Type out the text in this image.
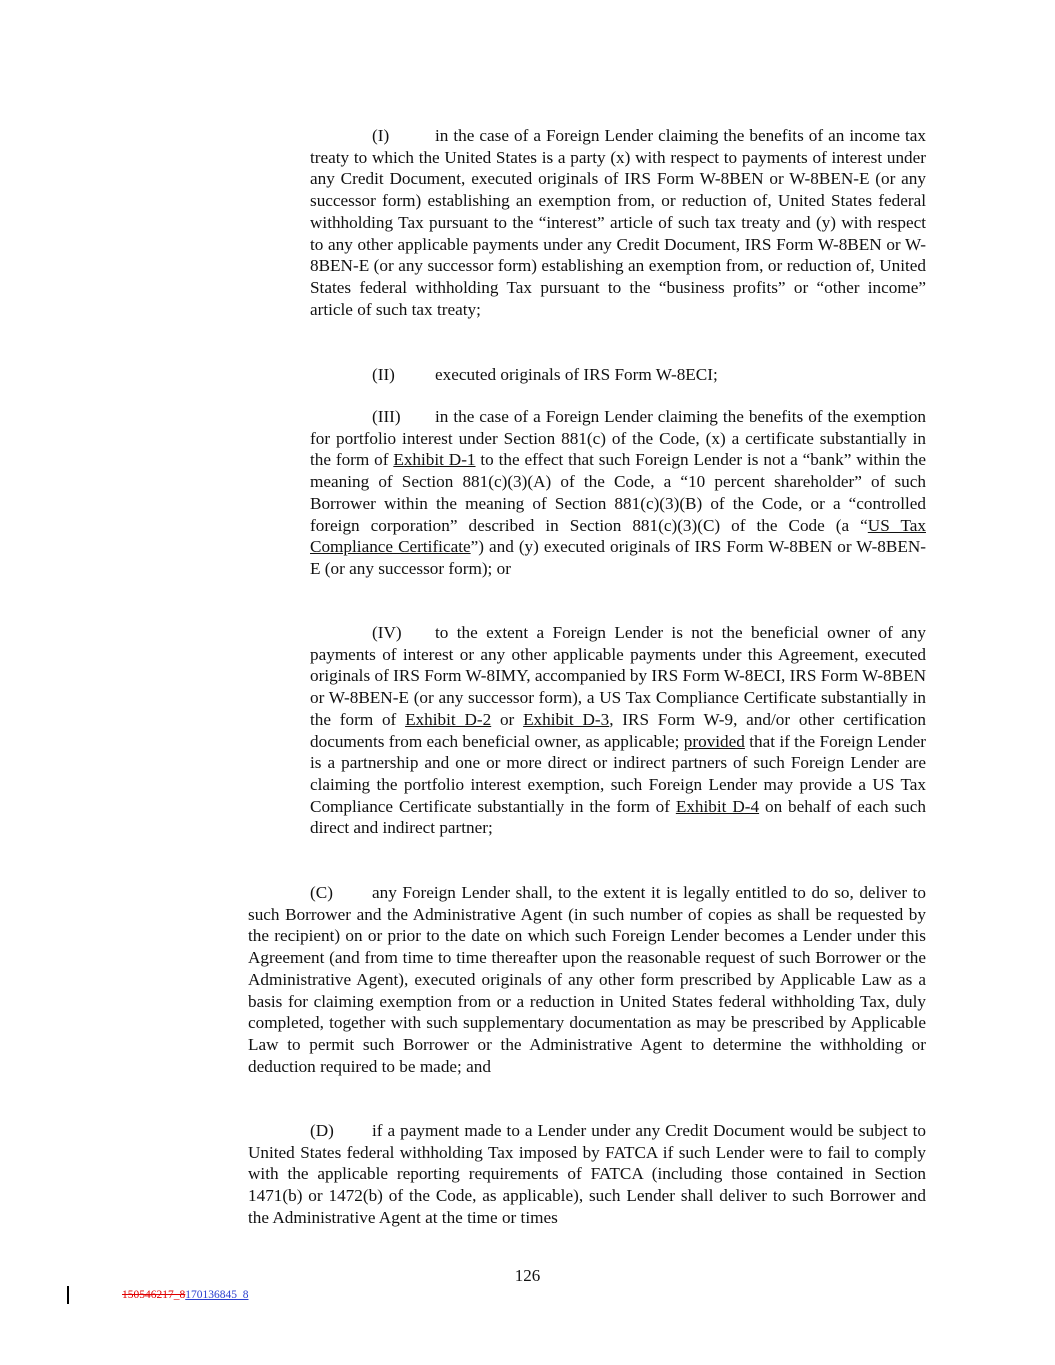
(I)	in the case of a Foreign Lender claiming the benefits of an income tax treaty to which the United States is a party (x) with respect to payments of interest under any Credit Document, executed originals of IRS Form W-8BEN or W-8BEN-E (or any successor form) establishing an exemption from, or reduction of, United States federal withholding Tax pursuant to the “interest” article of such tax treaty and (y) with respect to any other applicable payments under any Credit Document, IRS Form W-8BEN or W-8BEN-E (or any successor form) establishing an exemption from, or reduction of, United States federal withholding Tax pursuant to the “business profits” or “other income” article of such tax treaty;

(II) executed originals of IRS Form W-8ECI;

(III) in the case of a Foreign Lender claiming the benefits of the exemption for portfolio interest under Section 881(c) of the Code, (x) a certificate substantially in the form of Exhibit D-1 to the effect that such Foreign Lender is not a “bank” within the meaning of Section 881(c)(3)(A) of the Code, a “10 percent shareholder” of such Borrower within the meaning of Section 881(c)(3)(B) of the Code, or a “controlled foreign corporation” described in Section 881(c)(3)(C) of the Code (a “US Tax Compliance Certificate”) and (y) executed originals of IRS Form W-8BEN or W-8BEN-E (or any successor form); or

(IV) to the extent a Foreign Lender is not the beneficial owner of any payments of interest or any other applicable payments under this Agreement, executed originals of IRS Form W-8IMY, accompanied by IRS Form W-8ECI, IRS Form W-8BEN or W-8BEN-E (or any successor form), a US Tax Compliance Certificate substantially in the form of Exhibit D-2 or Exhibit D-3, IRS Form W-9, and/or other certification documents from each beneficial owner, as applicable; provided that if the Foreign Lender is a partnership and one or more direct or indirect partners of such Foreign Lender are claiming the portfolio interest exemption, such Foreign Lender may provide a US Tax Compliance Certificate substantially in the form of Exhibit D-4 on behalf of each such direct and indirect partner;

(C) any Foreign Lender shall, to the extent it is legally entitled to do so, deliver to such Borrower and the Administrative Agent (in such number of copies as shall be requested by the recipient) on or prior to the date on which such Foreign Lender becomes a Lender under this Agreement (and from time to time thereafter upon the reasonable request of such Borrower or the Administrative Agent), executed originals of any other form prescribed by Applicable Law as a basis for claiming exemption from or a reduction in United States federal withholding Tax, duly completed, together with such supplementary documentation as may be prescribed by Applicable Law to permit such Borrower or the Administrative Agent to determine the withholding or deduction required to be made; and

(D) if a payment made to a Lender under any Credit Document would be subject to United States federal withholding Tax imposed by FATCA if such Lender were to fail to comply with the applicable reporting requirements of FATCA (including those contained in Section 1471(b) or 1472(b) of the Code, as applicable), such Lender shall deliver to such Borrower and the Administrative Agent at the time or times

126
150546217_8170136845_8
